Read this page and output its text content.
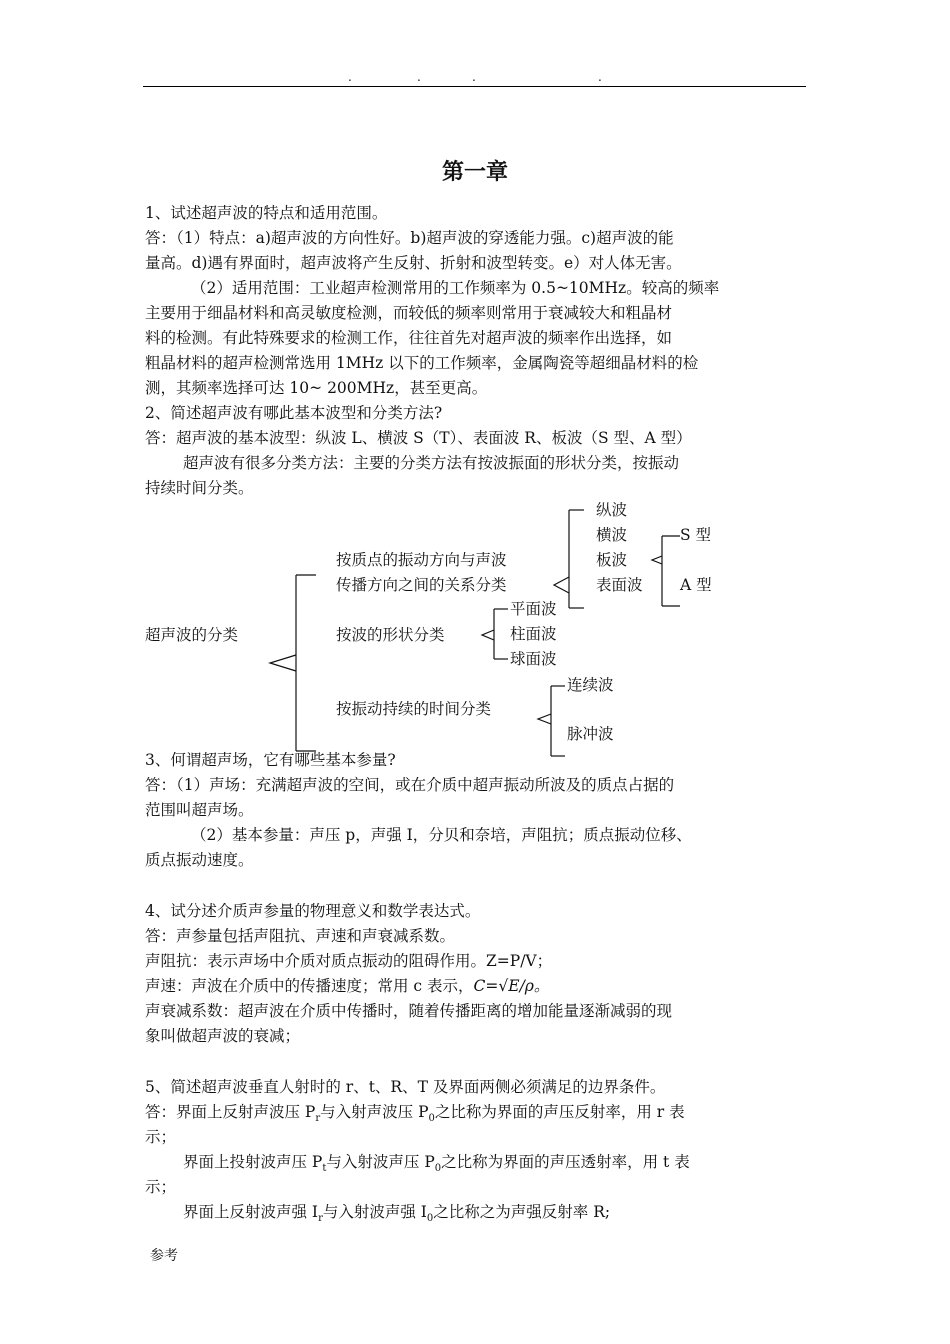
.	.	.	.
第一章
1、试述超声波的特点和适用范围。
答：（1）特点：a)超声波的方向性好。b)超声波的穿透能力强。c)超声波的能
量高。d)遇有界面时，超声波将产生反射、折射和波型转变。e）对人体无害。
（2）适用范围：工业超声检测常用的工作频率为 0.5~10MHz。较高的频率
主要用于细晶材料和高灵敏度检测，而较低的频率则常用于衰减较大和粗晶材
料的检测。有此特殊要求的检测工作，往往首先对超声波的频率作出选择，如
粗晶材料的超声检测常选用 1MHz 以下的工作频率，金属陶瓷等超细晶材料的检
测，其频率选择可达 10~ 200MHz，甚至更高。
2、简述超声波有哪此基本波型和分类方法?
答：超声波的基本波型：纵波 L、横波 S（T）、表面波 R、板波（S 型、A 型）
超声波有很多分类方法：主要的分类方法有按波振面的形状分类，按振动
持续时间分类。
超声波的分类
按质点的振动方向与声波
传播方向之间的关系分类
纵波
横波
板波
表面波
S 型
A 型
按波的形状分类
平面波
柱面波
球面波
按振动持续的时间分类
连续波
脉冲波
3、何谓超声场，它有哪些基本参量?
答：（1）声场：充满超声波的空间，或在介质中超声振动所波及的质点占据的
范围叫超声场。
（2）基本参量：声压 p，声强 I，分贝和奈培，声阻抗；质点振动位移、
质点振动速度。
4、试分述介质声参量的物理意义和数学表达式。
答：声参量包括声阻抗、声速和声衰减系数。
声阻抗：表示声场中介质对质点振动的阻碍作用。Z=P/V；
声速：声波在介质中的传播速度；常用 c 表示，C=√E/ρ。
声衰减系数：超声波在介质中传播时，随着传播距离的增加能量逐渐减弱的现
象叫做超声波的衰减；
5、简述超声波垂直人射时的 r、t、R、T 及界面两侧必须满足的边界条件。
答：界面上反射声波压 $P_r$与入射声波压 $P_0$之比称为界面的声压反射率，用 r 表
示；
界面上投射波声压 $P_t$与入射波声压 $P_0$之比称为界面的声压透射率，用 t 表
示；
界面上反射波声强 $I_r$与入射波声强 $I_0$之比称之为声强反射率 R;
参考
